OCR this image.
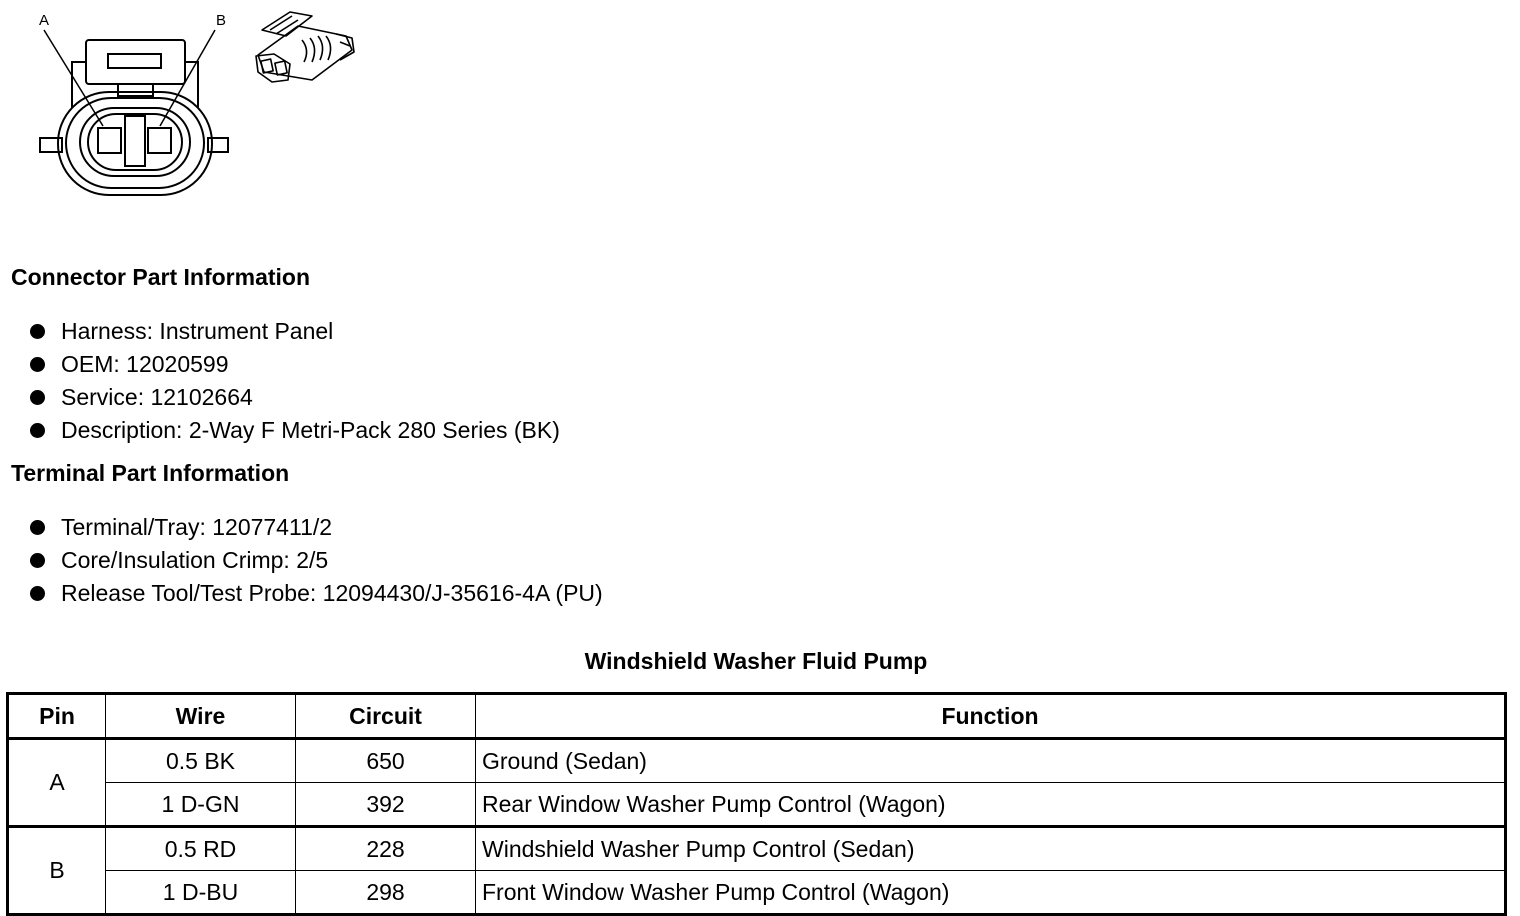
A	B
Connector Part Information
Harness: Instrument Panel
OEM: 12020599
Service: 12102664
Description: 2-Way F Metri-Pack 280 Series (BK)
Terminal Part Information
Terminal/Tray: 12077411/2
Core/Insulation Crimp: 2/5
Release Tool/Test Probe: 12094430/J-35616-4A (PU)
Windshield Washer Fluid Pump
Pin	Wire	Circuit	Function
A	0.5 BK	650	Ground (Sedan)
	1 D-GN	392	Rear Window Washer Pump Control (Wagon)
B	0.5 RD	228	Windshield Washer Pump Control (Sedan)
	1 D-BU	298	Front Window Washer Pump Control (Wagon)
